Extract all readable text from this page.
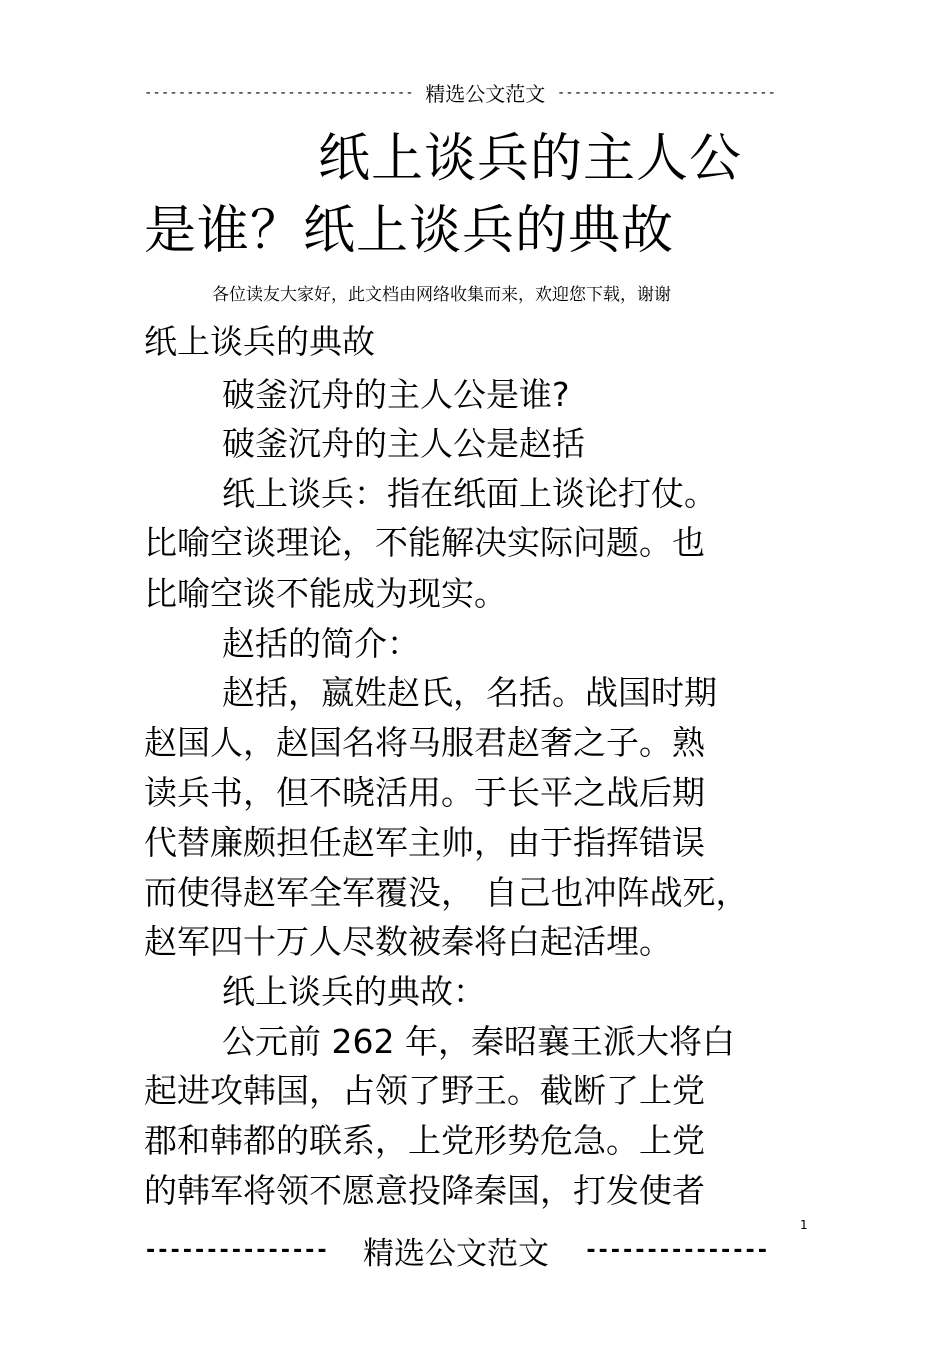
-------------------------------- 精选公文范文 --------------------------
纸上谈兵的主人公
是谁？纸上谈兵的典故
各位读友大家好，此文档由网络收集而来，欢迎您下载，谢谢
纸上谈兵的典故
破釜沉舟的主人公是谁?
破釜沉舟的主人公是赵括
纸上谈兵：指在纸面上谈论打仗。
比喻空谈理论，不能解决实际问题。也
比喻空谈不能成为现实。
赵括的简介：
赵括，嬴姓赵氏，名括。战国时期
赵国人，赵国名将马服君赵奢之子。熟
读兵书，但不晓活用。于长平之战后期
代替廉颇担任赵军主帅，由于指挥错误
而使得赵军全军覆没， 自己也冲阵战死，
赵军四十万人尽数被秦将白起活埋。
纸上谈兵的典故：
公元前 262 年，秦昭襄王派大将白
起进攻韩国，占领了野王。截断了上党
郡和韩都的联系，上党形势危急。上党
的韩军将领不愿意投降秦国，打发使者
1
--------------- 精选公文范文 ---------------
